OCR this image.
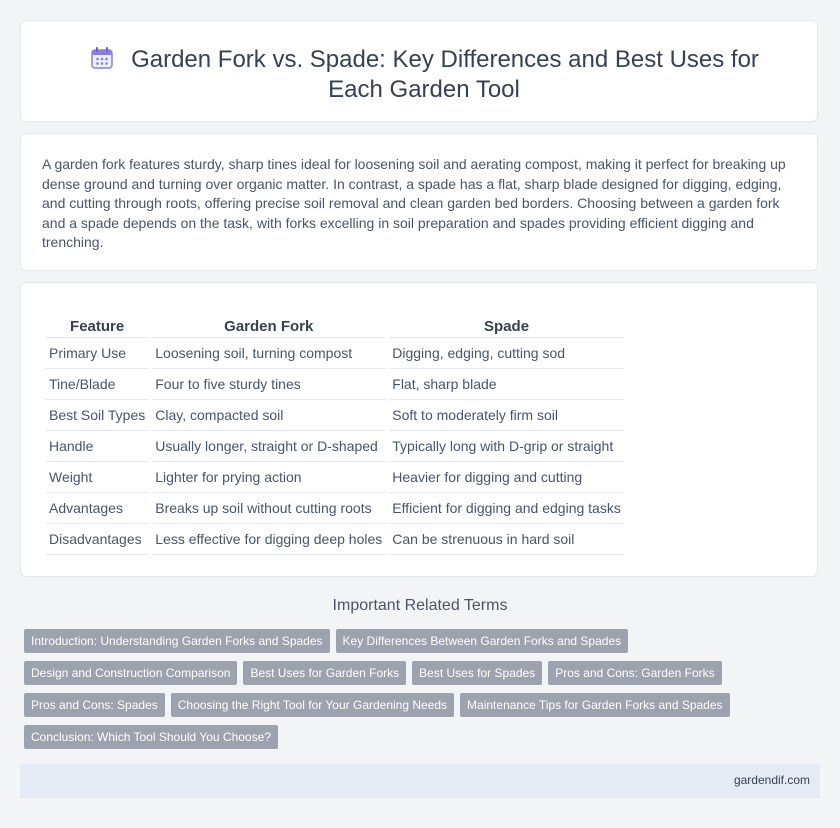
Garden Fork vs. Spade: Key Differences and Best Uses for Each Garden Tool

A garden fork features sturdy, sharp tines ideal for loosening soil and aerating compost, making it perfect for breaking up dense ground and turning over organic matter. In contrast, a spade has a flat, sharp blade designed for digging, edging, and cutting through roots, offering precise soil removal and clean garden bed borders. Choosing between a garden fork and a spade depends on the task, with forks excelling in soil preparation and spades providing efficient digging and trenching.

Feature	Garden Fork	Spade
Primary Use	Loosening soil, turning compost	Digging, edging, cutting sod
Tine/Blade	Four to five sturdy tines	Flat, sharp blade
Best Soil Types	Clay, compacted soil	Soft to moderately firm soil
Handle	Usually longer, straight or D-shaped	Typically long with D-grip or straight
Weight	Lighter for prying action	Heavier for digging and cutting
Advantages	Breaks up soil without cutting roots	Efficient for digging and edging tasks
Disadvantages	Less effective for digging deep holes	Can be strenuous in hard soil
Important Related Terms
Introduction: Understanding Garden Forks and Spades Key Differences Between Garden Forks and Spades
Design and Construction Comparison Best Uses for Garden Forks Best Uses for Spades Pros and Cons: Garden Forks
Pros and Cons: Spades Choosing the Right Tool for Your Gardening Needs Maintenance Tips for Garden Forks and Spades
Conclusion: Which Tool Should You Choose?
gardendif.com
